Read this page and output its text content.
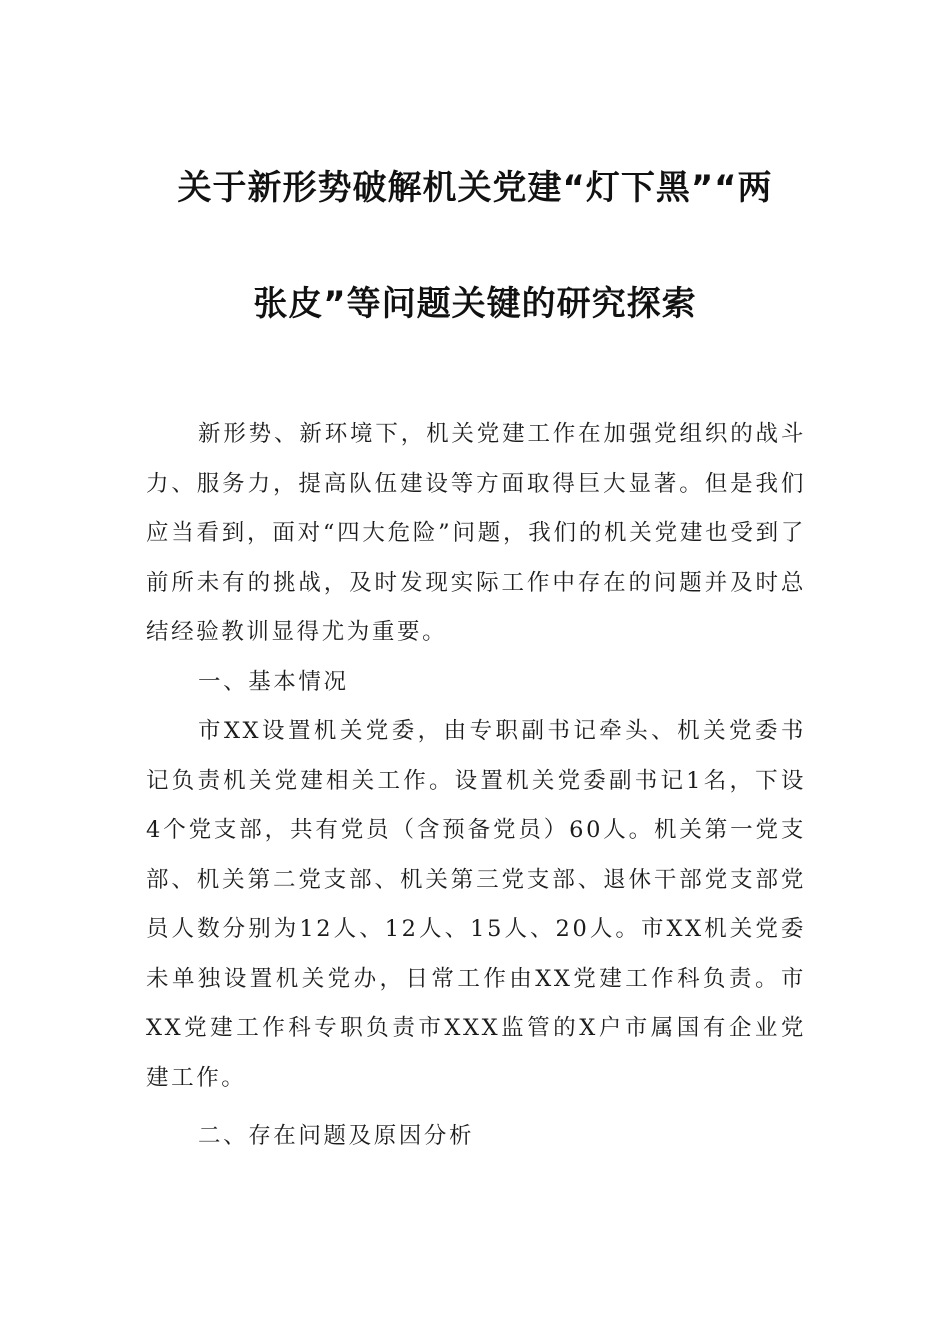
关于新形势破解机关党建“灯下黑”“两
张皮”等问题关键的研究探索

新形势、新环境下，机关党建工作在加强党组织的战斗力、服务力，提高队伍建设等方面取得巨大显著。但是我们应当看到，面对“四大危险”问题，我们的机关党建也受到了前所未有的挑战，及时发现实际工作中存在的问题并及时总结经验教训显得尤为重要。

一、基本情况

市XX设置机关党委，由专职副书记牵头、机关党委书记负责机关党建相关工作。设置机关党委副书记1名，下设4个党支部，共有党员（含预备党员）60人。机关第一党支部、机关第二党支部、机关第三党支部、退休干部党支部党员人数分别为12人、12人、15人、20人。市XX机关党委未单独设置机关党办，日常工作由XX党建工作科负责。市XX党建工作科专职负责市XXX监管的X户市属国有企业党建工作。

二、存在问题及原因分析
